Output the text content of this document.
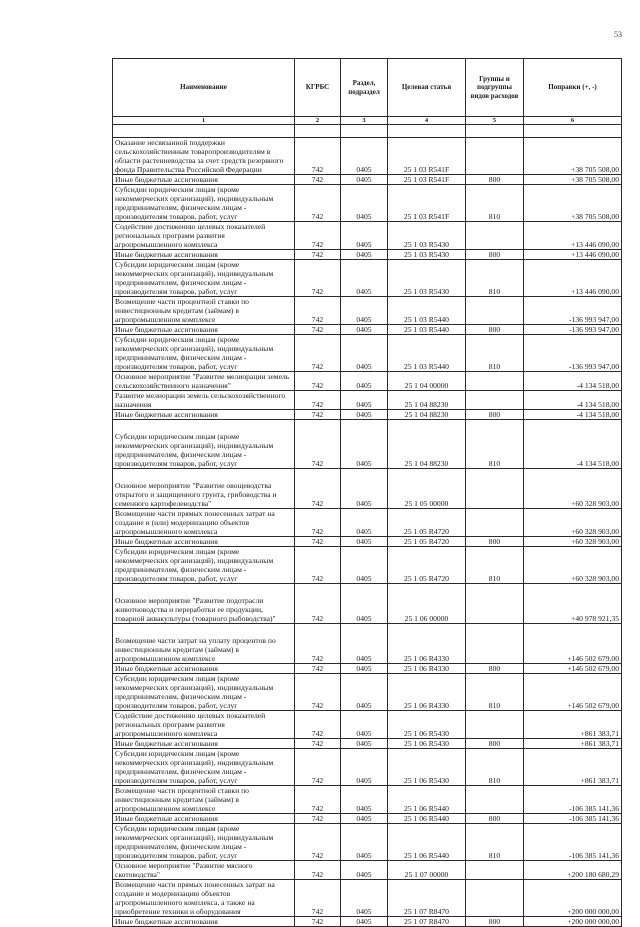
53
Наименование	КГРБС	Раздел, подраздел	Целевая статья	Группы и подгруппы видов расходов	Поправки (+, -)
1	2	3	4	5	6

Оказание несвязанной поддержки сельскохозяйственным товаропроизводителям в области растениеводства за счет средств резервного фонда Правительства Российской Федерации	742	0405	25 1 03 R541F		+38 705 508,00
Иные бюджетные ассигнования	742	0405	25 1 03 R541F	800	+38 705 508,00
Субсидии юридическим лицам (кроме некоммерческих организаций), индивидуальным предпринимателям, физическим лицам - производителям товаров, работ, услуг	742	0405	25 1 03 R541F	810	+38 705 508,00
Содействие достижению целевых показателей региональных программ развития агропромышленного комплекса	742	0405	25 1 03 R5430		+13 446 090,00
Иные бюджетные ассигнования	742	0405	25 1 03 R5430	800	+13 446 090,00
Субсидии юридическим лицам (кроме некоммерческих организаций), индивидуальным предпринимателям, физическим лицам - производителям товаров, работ, услуг	742	0405	25 1 03 R5430	810	+13 446 090,00
Возмещение части процентной ставки по инвестиционным кредитам (займам) в агропромышленном комплексе	742	0405	25 1 03 R5440		-136 993 947,00
Иные бюджетные ассигнования	742	0405	25 1 03 R5440	800	-136 993 947,00
Субсидии юридическим лицам (кроме некоммерческих организаций), индивидуальным предпринимателям, физическим лицам - производителям товаров, работ, услуг	742	0405	25 1 03 R5440	810	-136 993 947,00
Основное мероприятие "Развитие мелиорации земель сельскохозяйственного назначения"	742	0405	25 1 04 00000		-4 134 518,00
Развитие мелиорации земель сельскохозяйственного назначения	742	0405	25 1 04 88230		-4 134 518,00
Иные бюджетные ассигнования	742	0405	25 1 04 88230	800	-4 134 518,00
Субсидии юридическим лицам (кроме некоммерческих организаций), индивидуальным предпринимателям, физическим лицам - производителям товаров, работ, услуг	742	0405	25 1 04 88230	810	-4 134 518,00
Основное мероприятие "Развитие овощеводства открытого и защищенного грунта, грибоводства и семенного картофелеводства"	742	0405	25 1 05 00000		+60 328 903,00
Возмещение части прямых понесенных затрат на создание и (или) модернизацию объектов агропромышленного комплекса	742	0405	25 1 05 R4720		+60 328 903,00
Иные бюджетные ассигнования	742	0405	25 1 05 R4720	800	+60 328 903,00
Субсидии юридическим лицам (кроме некоммерческих организаций), индивидуальным предпринимателям, физическим лицам - производителям товаров, работ, услуг	742	0405	25 1 05 R4720	810	+60 328 903,00
Основное мероприятие "Развитие подотрасли животноводства и переработки ее продукции, товарной аквакультуры (товарного рыбоводства)"	742	0405	25 1 06 00000		+40 978 921,35
Возмещение части затрат на уплату процентов по инвестиционным кредитам (займам) в агропромышленном комплексе	742	0405	25 1 06 R4330		+146 502 679,00
Иные бюджетные ассигнования	742	0405	25 1 06 R4330	800	+146 502 679,00
Субсидии юридическим лицам (кроме некоммерческих организаций), индивидуальным предпринимателям, физическим лицам - производителям товаров, работ, услуг	742	0405	25 1 06 R4330	810	+146 502 679,00
Содействие достижению целевых показателей региональных программ развития агропромышленного комплекса	742	0405	25 1 06 R5430		+861 383,71
Иные бюджетные ассигнования	742	0405	25 1 06 R5430	800	+861 383,71
Субсидии юридическим лицам (кроме некоммерческих организаций), индивидуальным предпринимателям, физическим лицам - производителям товаров, работ, услуг	742	0405	25 1 06 R5430	810	+861 383,71
Возмещение части процентной ставки по инвестиционным кредитам (займам) в агропромышленном комплексе	742	0405	25 1 06 R5440		-106 385 141,36
Иные бюджетные ассигнования	742	0405	25 1 06 R5440	800	-106 385 141,36
Субсидии юридическим лицам (кроме некоммерческих организаций), индивидуальным предпринимателям, физическим лицам - производителям товаров, работ, услуг	742	0405	25 1 06 R5440	810	-106 385 141,36
Основное мероприятие "Развитие мясного скотоводства"	742	0405	25 1 07 00000		+200 180 680,29
Возмещение части прямых понесенных затрат на создание и модернизацию объектов агропромышленного комплекса, а также на приобретение техники и оборудования	742	0405	25 1 07 R8470		+200 000 000,00
Иные бюджетные ассигнования	742	0405	25 1 07 R8470	800	+200 000 000,00
